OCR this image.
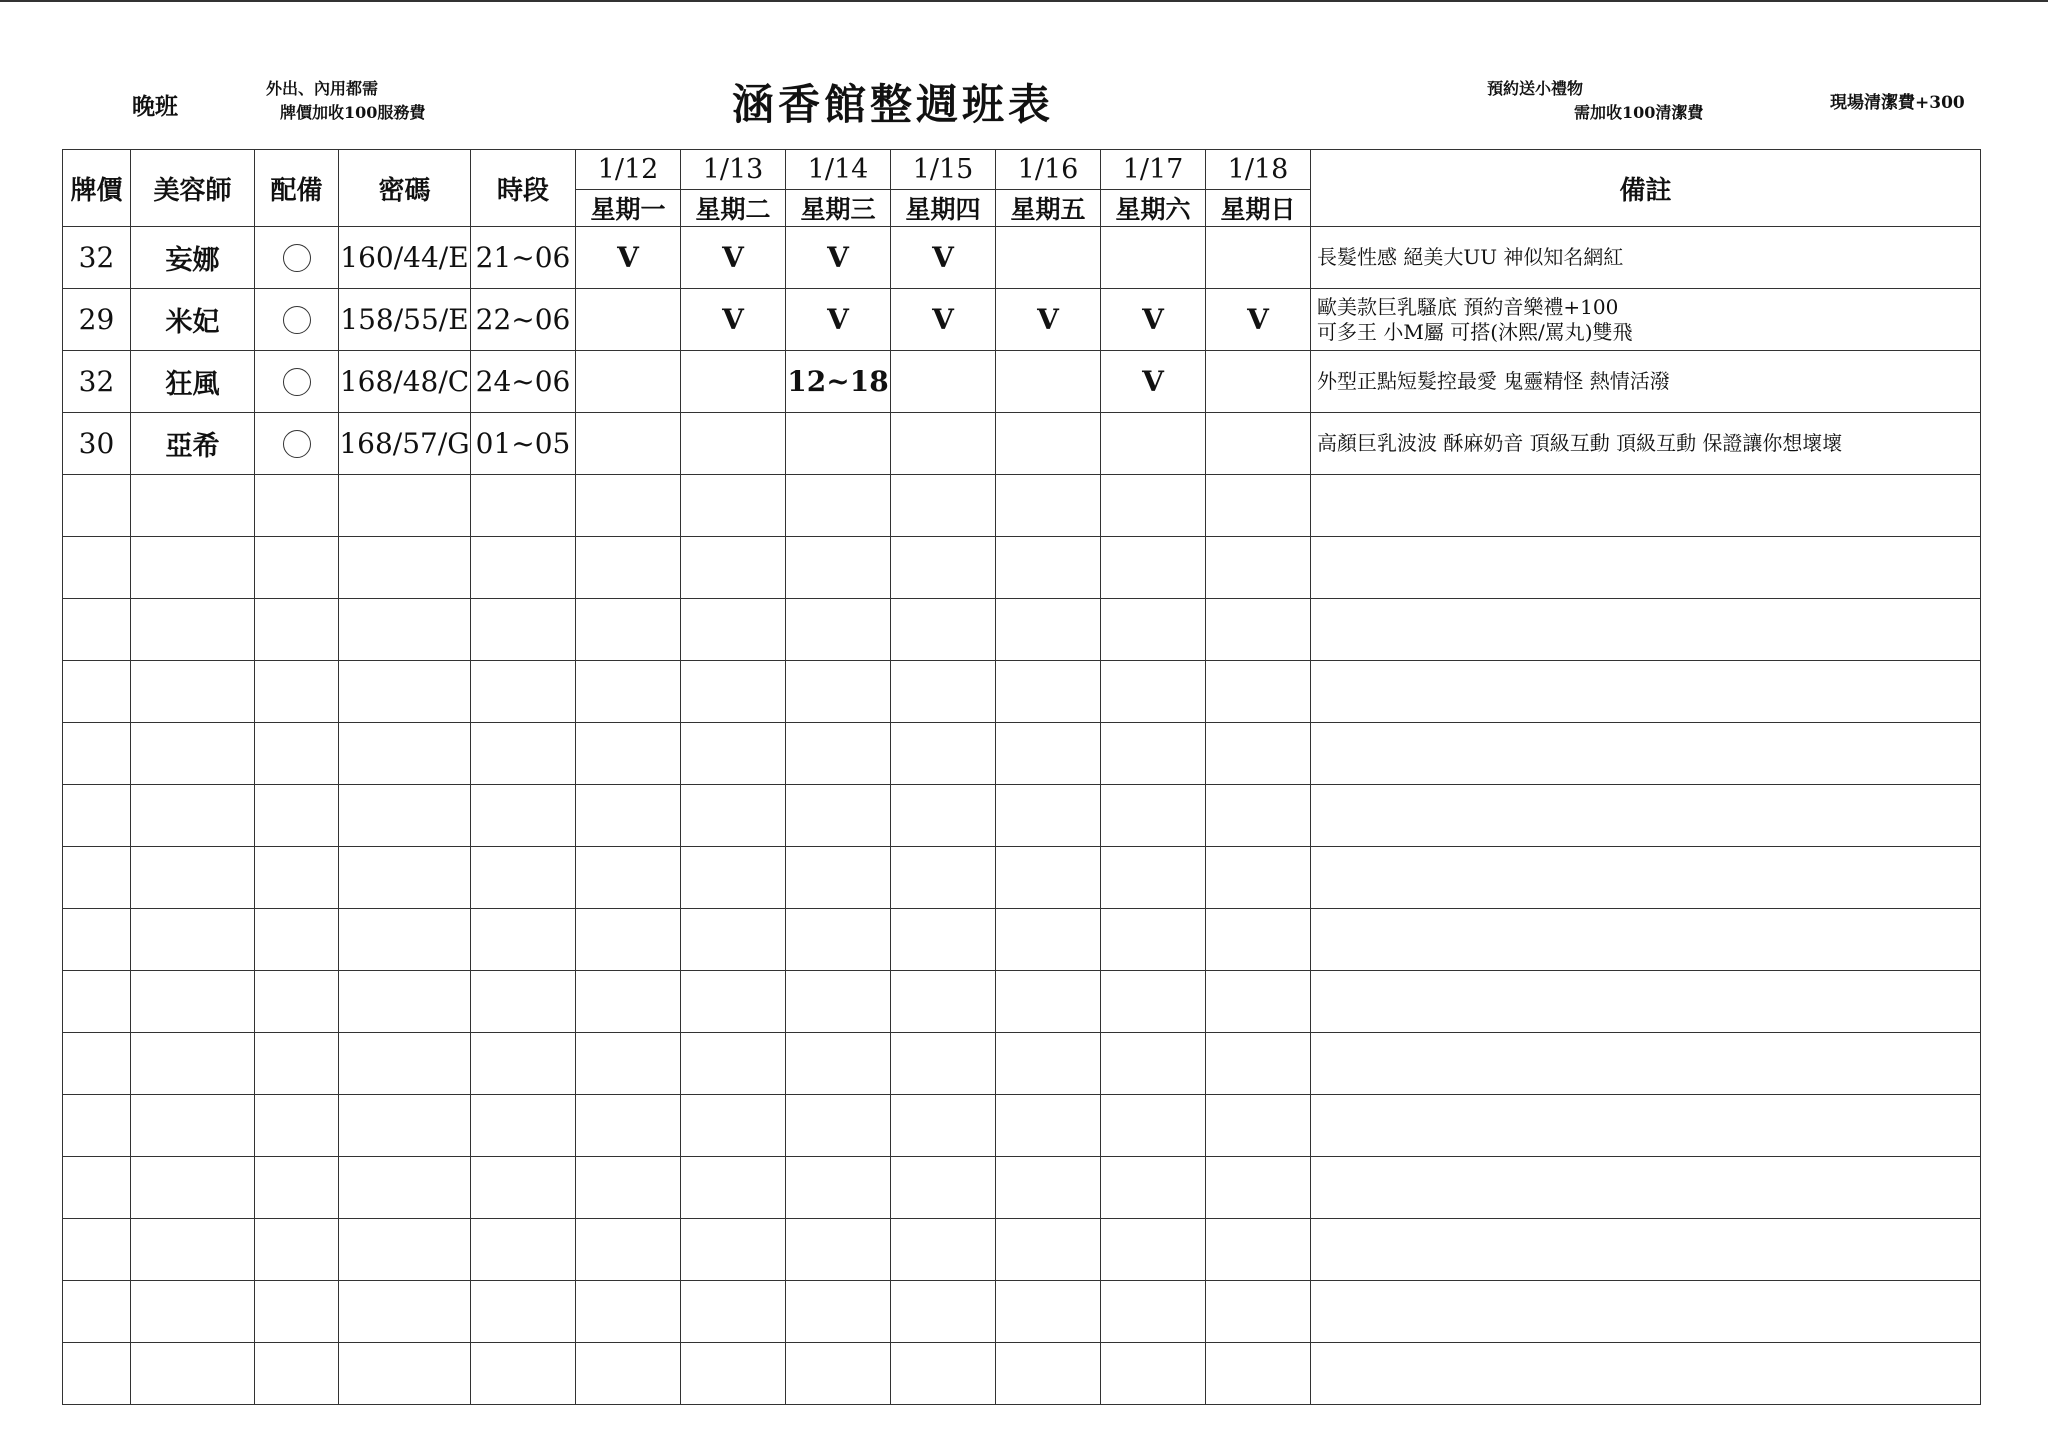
晚班
外出、內用都需
牌價加收100服務費	涵香館整週班表	預約送小禮物
需加收100清潔費	現場清潔費+300
牌價	美容師	配備	密碼	時段	1/12	1/13	1/14	1/15	1/16	1/17	1/18	備註
					星期一	星期二	星期三	星期四	星期五	星期六	星期日	
32	妄娜		160/44/E	21~06	V	V	V	V				長髮性感 絕美大UU 神似知名網紅

29	米妃		158/55/E	22~06		V	V	V	V	V	V	歐美款巨乳騷底 預約音樂禮+100
可多王 小M屬 可搭(沐熙/罵丸)雙飛

32	狂風		168/48/C	24~06			12~18			V		外型正點短髮控最愛 鬼靈精怪 熱情活潑

30	亞希		168/57/G	01~05								高顏巨乳波波 酥麻奶音 頂級互動 頂級互動 保證讓你想壞壞
